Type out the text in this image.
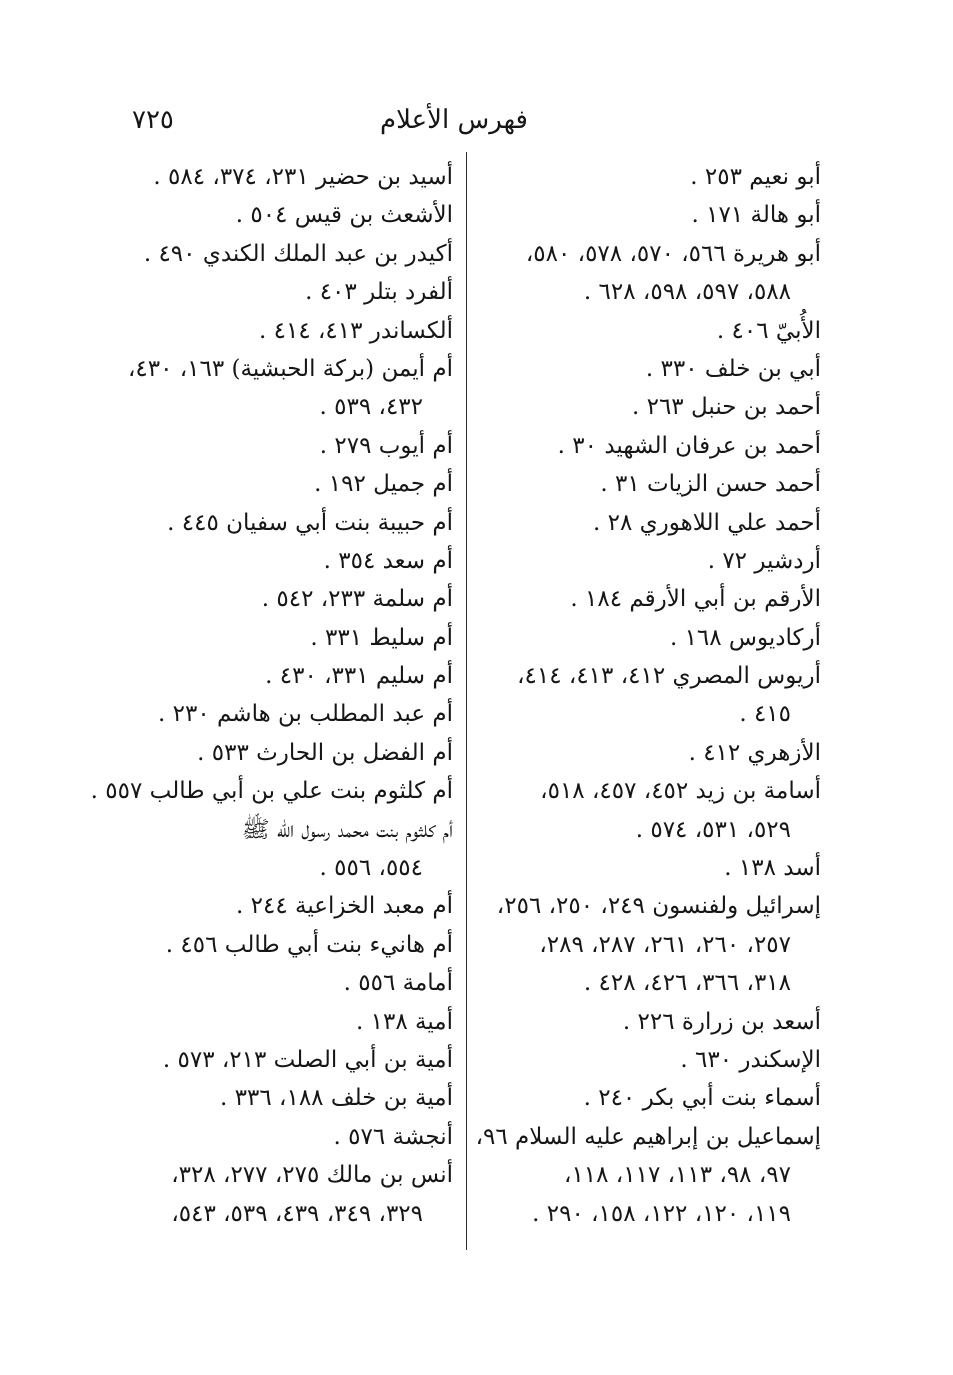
فهرس الأعلام
٧٢٥
أبو نعيم ٢٥٣ .
أبو هالة ١٧١ .
أبو هريرة ٥٦٦، ٥٧٠، ٥٧٨، ٥٨٠،
٥٨٨، ٥٩٧، ٥٩٨، ٦٢٨ .
الأُبيّ ٤٠٦ .
أبي بن خلف ٣٣٠ .
أحمد بن حنبل ٢٦٣ .
أحمد بن عرفان الشهيد ٣٠ .
أحمد حسن الزيات ٣١ .
أحمد علي اللاهوري ٢٨ .
أردشير ٧٢ .
الأرقم بن أبي الأرقم ١٨٤ .
أركاديوس ١٦٨ .
أريوس المصري ٤١٢، ٤١٣، ٤١٤،
٤١٥ .
الأزهري ٤١٢ .
أسامة بن زيد ٤٥٢، ٤٥٧، ٥١٨،
٥٢٩، ٥٣١، ٥٧٤ .
أسد ١٣٨ .
إسرائيل ولفنسون ٢٤٩، ٢٥٠، ٢٥٦،
٢٥٧، ٢٦٠، ٢٦١، ٢٨٧، ٢٨٩،
٣١٨، ٣٦٦، ٤٢٦، ٤٢٨ .
أسعد بن زرارة ٢٢٦ .
الإسكندر ٦٣٠ .
أسماء بنت أبي بكر ٢٤٠ .
إسماعيل بن إبراهيم عليه السلام ٩٦،
٩٧، ٩٨، ١١٣، ١١٧، ١١٨،
١١٩، ١٢٠، ١٢٢، ١٥٨، ٢٩٠ .
أسيد بن حضير ٢٣١، ٣٧٤، ٥٨٤ .
الأشعث بن قيس ٥٠٤ .
أكيدر بن عبد الملك الكندي ٤٩٠ .
ألفرد بتلر ٤٠٣ .
ألكساندر ٤١٣، ٤١٤ .
أم أيمن (بركة الحبشية) ١٦٣، ٤٣٠،
٤٣٢، ٥٣٩ .
أم أيوب ٢٧٩ .
أم جميل ١٩٢ .
أم حبيبة بنت أبي سفيان ٤٤٥ .
أم سعد ٣٥٤ .
أم سلمة ٢٣٣، ٥٤٢ .
أم سليط ٣٣١ .
أم سليم ٣٣١، ٤٣٠ .
أم عبد المطلب بن هاشم ٢٣٠ .
أم الفضل بن الحارث ٥٣٣ .
أم كلثوم بنت علي بن أبي طالب ٥٥٧ .
أم كلثوم بنت محمد رسول الله ﷺ
٥٥٤، ٥٥٦ .
أم معبد الخزاعية ٢٤٤ .
أم هانيء بنت أبي طالب ٤٥٦ .
أمامة ٥٥٦ .
أمية ١٣٨ .
أمية بن أبي الصلت ٢١٣، ٥٧٣ .
أمية بن خلف ١٨٨، ٣٣٦ .
أنجشة ٥٧٦ .
أنس بن مالك ٢٧٥، ٢٧٧، ٣٢٨،
٣٢٩، ٣٤٩، ٤٣٩، ٥٣٩، ٥٤٣،
